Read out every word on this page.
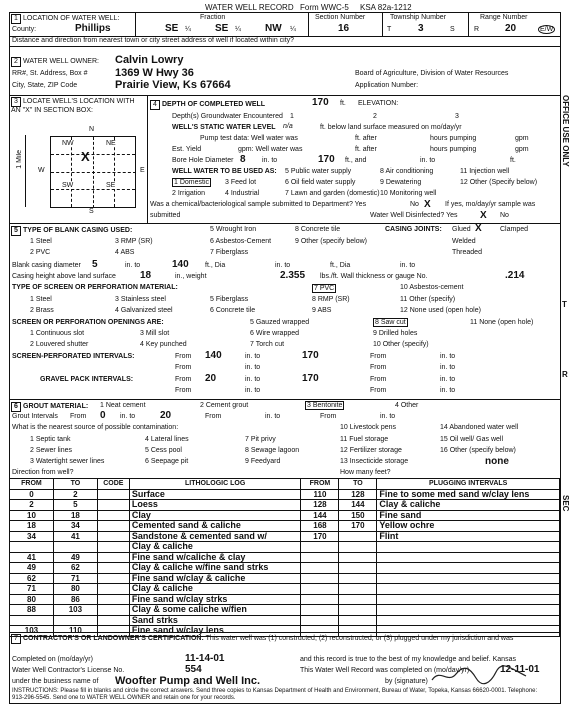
WATER WELL RECORD Form WWC-5 KSA 82a-1212
1 LOCATION OF WATER WELL:
County:	Phillips
Fraction
SE ¼ SE ¼ NW ¼
Section Number
16
Township Number
T	3	S
Range Number
R	20	E/W
Distance and direction from nearest town or city street address of well if located within city?
2 WATER WELL OWNER: Calvin Lowry
RR#, St. Address, Box #	1369 W Hwy 36
City, State, ZIP Code	Prairie View, Ks 67664
Board of Agriculture, Division of Water Resources
Application Number:
3 LOCATE WELL'S LOCATION WITH AN "X" IN SECTION BOX:
N
S
W	E
1 Mile
NW	NE
SW	SE
X
4 DEPTH OF COMPLETED WELL	170 ft. ELEVATION:
Depth(s) Groundwater Encountered 1	2	3
WELL'S STATIC WATER LEVEL n/a	ft. below land surface measured on mo/day/yr
Pump test data: Well water was	ft. after	hours pumping	gpm
Est. Yield	gpm: Well water was	ft. after	hours pumping	gpm
Bore Hole Diameter 8 in. to	170 ft., and	in. to	ft.
WELL WATER TO BE USED AS:
1 Domestic 3 Feed lot
5 Public water supply
6 Oil field water supply
8 Air conditioning
9 Dewatering
11 Injection well
12 Other (Specify below)
2 Irrigation	4 Industrial	7 Lawn and garden (domestic) 10 Monitoring well
Was a chemical/bacteriological sample submitted to Department? Yes	No X If yes, mo/day/yr sample was
submitted	Water Well Disinfected? Yes X No
5 TYPE OF BLANK CASING USED:
1 Steel
2 PVC
3 RMP (SR)
4 ABS
5 Wrought Iron
6 Asbestos-Cement
7 Fiberglass
8 Concrete tile
9 Other (specify below)
CASING JOINTS: Glued X	Clamped
Welded
Threaded
Blank casing diameter 5	in. to	140 ft., Dia	in. to	ft., Dia	in. to
Casing height above land surface 18	in., weight	2.355 lbs./ft. Wall thickness or gauge No.	.214
TYPE OF SCREEN OR PERFORATION MATERIAL:
1 Steel
2 Brass
3 Stainless steel
4 Galvanized steel
5 Fiberglass
6 Concrete tile
7 PVC
8 RMP (SR)
9 ABS
10 Asbestos-cement
11 Other (specify)
12 None used (open hole)
SCREEN OR PERFORATION OPENINGS ARE:
1 Continuous slot
2 Louvered shutter
3 Mill slot
4 Key punched
5 Gauzed wrapped
6 Wire wrapped
7 Torch cut
8 Saw cut
9 Drilled holes
10 Other (specify)
11 None (open hole)
SCREEN-PERFORATED INTERVALS:	From 140	in. to	170	From	in. to
From	in. to	From	in. to
GRAVEL PACK INTERVALS:	From 20	in. to	170	From	in. to
From	in. to	From	in. to
6 GROUT MATERIAL: 1 Neat cement	2 Cement grout	3 Bentonite	4 Other
Grout Intervals From 0 in. to 20	From	in. to	From	in. to
What is the nearest source of possible contamination:
1 Septic tank
2 Sewer lines
3 Watertight sewer lines
4 Lateral lines
5 Cess pool
6 Seepage pit
7 Pit privy
8 Sewage lagoon
9 Feedyard
10 Livestock pens
11 Fuel storage
12 Fertilizer storage
13 Insecticide storage
14 Abandoned water well
15 Oil well/ Gas well
16 Other (specify below)
none
Direction from well?	How many feet?
FROM	TO	CODE	LITHOLOGIC LOG	FROM	TO	PLUGGING INTERVALS
0	2		Surface	110	128	Fine to some med sand w/clay lens
2	5		Loess	128	144	Clay & caliche
10	18		Clay	144	150	Fine sand
18	34		Cemented sand & caliche	168	170	Yellow ochre
34	41		Sandstone & cemented sand w/	170		Flint
			Clay & caliche			
41	49		Fine sand w/caliche & clay			
49	62		Clay & caliche w/fine sand strks			
62	71		Fine sand w/clay & caliche			
71	80		Clay & caliche			
80	86		Fine sand w/clay strks			
88	103		Clay & some caliche w/fien			
			Sand strks			
103	110		Fine sand w/clay lens			
7 CONTRACTOR'S OR LANDOWNER'S CERTIFICATION: This water well was (1) constructed, (2) reconstructed, or (3) plugged under my jurisdiction and was
Completed on (mo/day/yr)	11-14-01	and this record is true to the best of my knowledge and belief. Kansas
Water Well Contractor's License No.	554	This Water Well Record was completed on (mo/day/yr)	12-11-01
under the business name of Woofter Pump and Well Inc.	by (signature)
INSTRUCTIONS: Please fill in blanks and circle the correct answers. Send three copies to Kansas Department of Health and Environment, Bureau of Water, Topeka, Kansas 66620-0001. Telephone: 913-296-5545. Send one to WATER WELL OWNER and retain one for your records.
OFFICE USE ONLY
T
R
SEC
